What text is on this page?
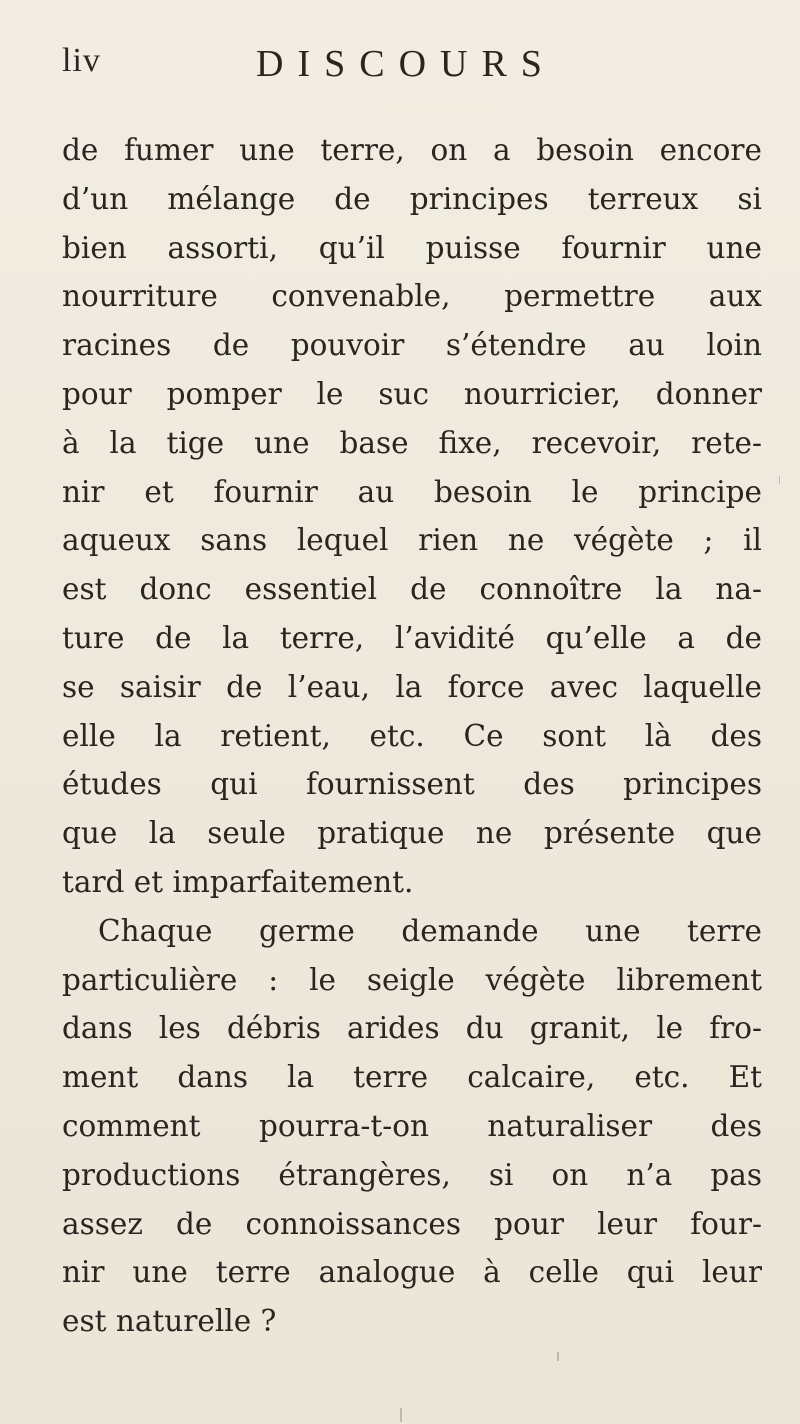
liv	DISCOURS
de fumer une terre, on a besoin encore
d’un mélange de principes terreux si
bien assorti, qu’il puisse fournir une
nourriture convenable, permettre aux
racines de pouvoir s’étendre au loin
pour pomper le suc nourricier, donner
à la tige une base fixe, recevoir, rete-
nir et fournir au besoin le principe
aqueux sans lequel rien ne végète ; il
est donc essentiel de connoître la na-
ture de la terre, l’avidité qu’elle a de
se saisir de l’eau, la force avec laquelle
elle la retient, etc. Ce sont là des
études qui fournissent des principes
que la seule pratique ne présente que
tard et imparfaitement.
Chaque germe demande une terre
particulière : le seigle végète librement
dans les débris arides du granit, le fro-
ment dans la terre calcaire, etc. Et
comment pourra-t-on naturaliser des
productions étrangères, si on n’a pas
assez de connoissances pour leur four-
nir une terre analogue à celle qui leur
est naturelle ?
